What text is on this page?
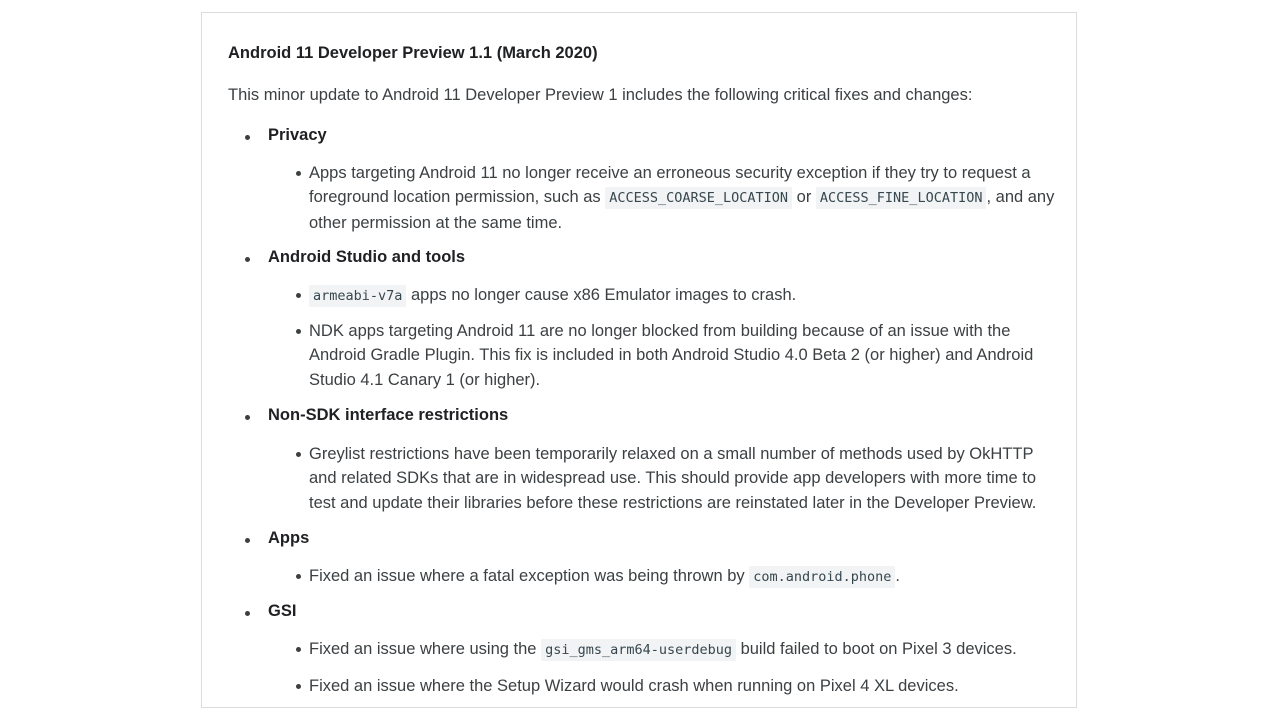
Android 11 Developer Preview 1.1 (March 2020)

This minor update to Android 11 Developer Preview 1 includes the following critical fixes and changes:

Privacy
Apps targeting Android 11 no longer receive an erroneous security exception if they try to request a foreground location permission, such as ACCESS_COARSE_LOCATION or ACCESS_FINE_LOCATION , and any other permission at the same time.
Android Studio and tools
armeabi-v7a apps no longer cause x86 Emulator images to crash.
NDK apps targeting Android 11 are no longer blocked from building because of an issue with the Android Gradle Plugin. This fix is included in both Android Studio 4.0 Beta 2 (or higher) and Android Studio 4.1 Canary 1 (or higher).
Non-SDK interface restrictions
Greylist restrictions have been temporarily relaxed on a small number of methods used by OkHTTP and related SDKs that are in widespread use. This should provide app developers with more time to test and update their libraries before these restrictions are reinstated later in the Developer Preview.
Apps
Fixed an issue where a fatal exception was being thrown by com.android.phone .
GSI
Fixed an issue where using the gsi_gms_arm64-userdebug build failed to boot on Pixel 3 devices.
Fixed an issue where the Setup Wizard would crash when running on Pixel 4 XL devices.
